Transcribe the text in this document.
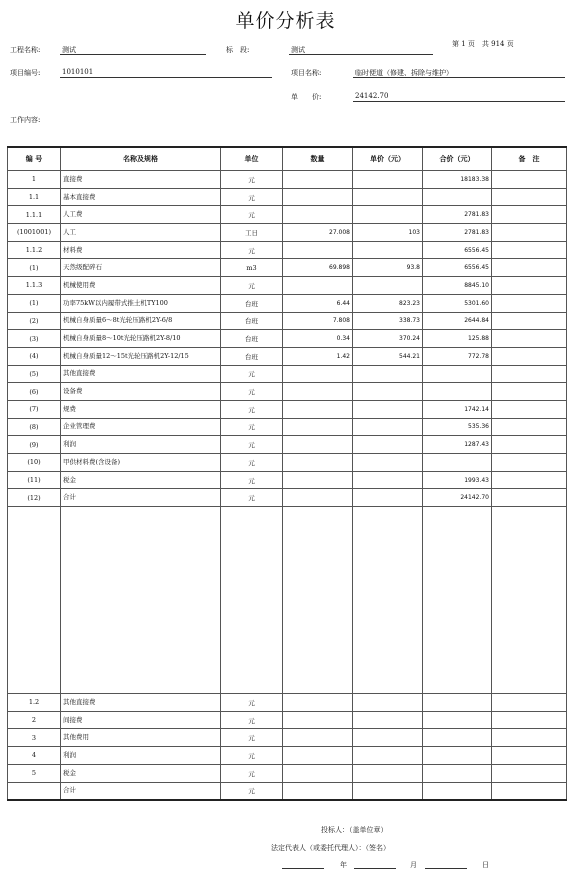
单价分析表
工程名称:	测试	标　段:	测试
第 1 页　共 914 页
项目编号:	1010101	项目名称:	临时便道（修建、拆除与维护）
单　　价:	24142.70
工作内容:
编 号	名称及规格	单位	数量	单价（元）	合价（元）	备　注
1	直接费	元			18183.38	
1.1	基本直接费	元				
1.1.1	人工费	元			2781.83	
(1001001)	人工	工日	27.008	103	2781.83	
1.1.2	材料费	元			6556.45	
(1)	天然级配碎石	m3	69.898	93.8	6556.45	
1.1.3	机械使用费	元			8845.10	
(1)	功率75kW以内履带式推土机TY100	台班	6.44	823.23	5301.60	
(2)	机械自身质量6～8t光轮压路机2Y-6/8	台班	7.808	338.73	2644.84	
(3)	机械自身质量8～10t光轮压路机2Y-8/10	台班	0.34	370.24	125.88	
(4)	机械自身质量12～15t光轮压路机2Y-12/15	台班	1.42	544.21	772.78	
(5)	其他直接费	元				
(6)	设备费	元				
(7)	规费	元			1742.14	
(8)	企业管理费	元			535.36	
(9)	利润	元			1287.43	
(10)	甲供材料费(含设备)	元				
(11)	税金	元			1993.43	
(12)	合计	元			24142.70	

1.2	其他直接费	元				
2	间接费	元				
3	其他费用	元				
4	利润	元				
5	税金	元				
	合计	元				
投标人：（盖单位章）
法定代表人（或委托代理人）：（签名）
年	月	日
